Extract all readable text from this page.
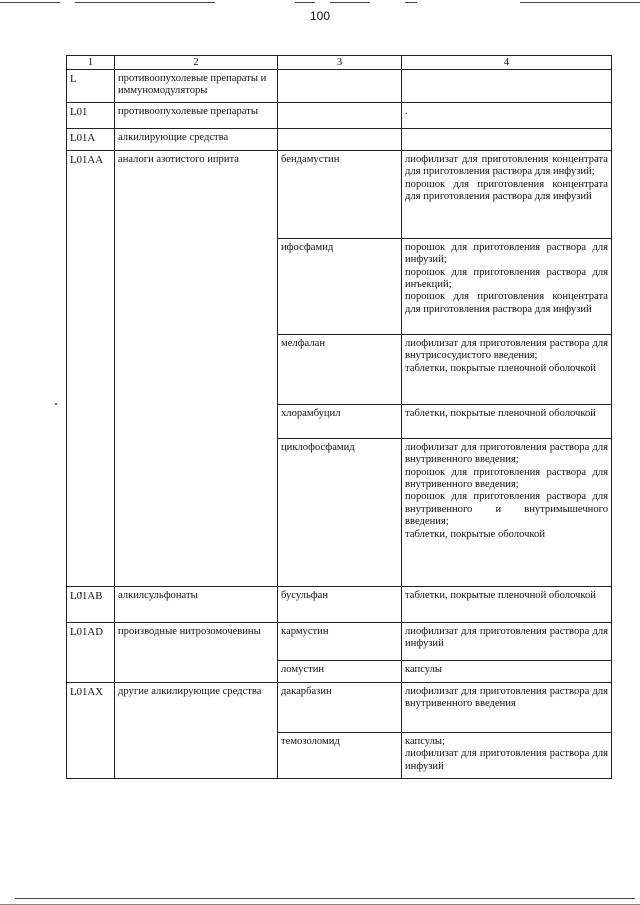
100
1	2	3	4
L	противоопухолевые препараты и иммуномодуляторы		
L01	противоопухолевые препараты		.

L01A	алкилирующие средства		
L01AA	аналоги азотистого иприта	бендамустин	лиофилизат для приготовления концентрата для приготовления раствора для инфузий;
порошок для приготовления концентрата для приготовления раствора для инфузий

		ифосфамид	порошок для приготовления раствора для инфузий;
порошок для приготовления раствора для инъекций;
порошок для приготовления концентрата для приготовления раствора для инфузий

		мелфалан	лиофилизат для приготовления раствора для внутрисосудистого введения;
таблетки, покрытые пленочной оболочкой

		хлорамбуцил	таблетки, покрытые пленочной оболочкой

		циклофосфамид	лиофилизат для приготовления раствора для внутривенного введения;
порошок для приготовления раствора для внутривенного введения;
порошок для приготовления раствора для внутривенного и внутримышечного введения;
таблетки, покрытые оболочкой

L01AB	алкилсульфонаты	бусульфан	таблетки, покрытые пленочной оболочкой

L01AD	производные нитрозомочевины	кармустин	лиофилизат для приготовления раствора для инфузий

		ломустин	капсулы

L01AX	другие алкилирующие средства	дакарбазин	лиофилизат для приготовления раствора для внутривенного введения

		темозоломид	капсулы;
лиофилизат для приготовления раствора для инфузий
